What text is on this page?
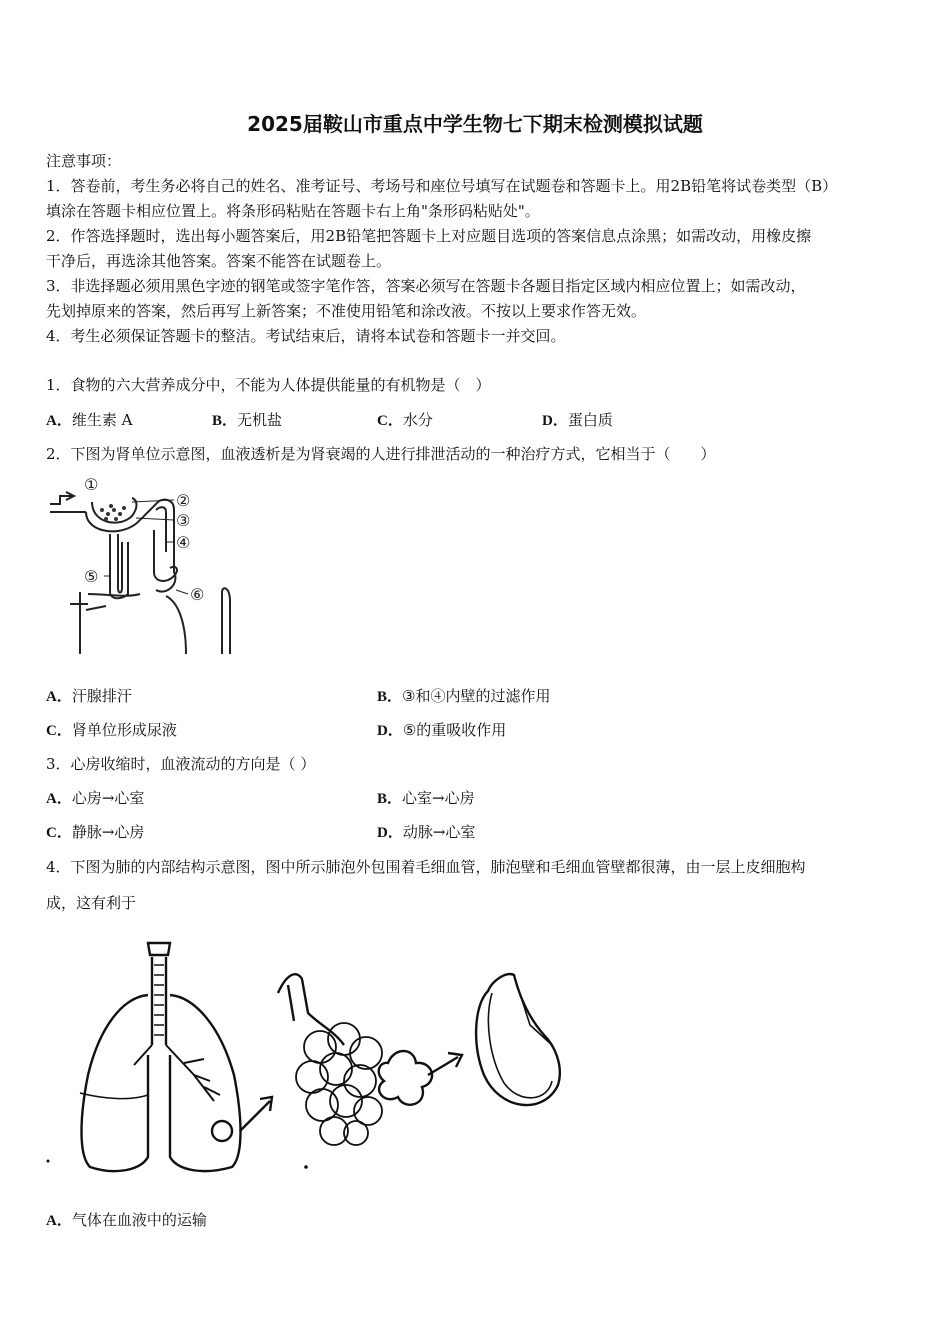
2025届鞍山市重点中学生物七下期末检测模拟试题
注意事项：
1．答卷前，考生务必将自己的姓名、准考证号、考场号和座位号填写在试题卷和答题卡上。用2B铅笔将试卷类型（B）
填涂在答题卡相应位置上。将条形码粘贴在答题卡右上角"条形码粘贴处"。
2．作答选择题时，选出每小题答案后，用2B铅笔把答题卡上对应题目选项的答案信息点涂黑；如需改动，用橡皮擦
干净后，再选涂其他答案。答案不能答在试题卷上。
3．非选择题必须用黑色字迹的钢笔或签字笔作答，答案必须写在答题卡各题目指定区域内相应位置上；如需改动，
先划掉原来的答案，然后再写上新答案；不准使用铅笔和涂改液。不按以上要求作答无效。
4．考生必须保证答题卡的整洁。考试结束后，请将本试卷和答题卡一并交回。
1．食物的六大营养成分中，不能为人体提供能量的有机物是（　）
A．维生素 A	B．无机盐	C．水分	D．蛋白质
2．下图为肾单位示意图，血液透析是为肾衰竭的人进行排泄活动的一种治疗方式，它相当于（　　）
①
②
③
④
⑤
⑥
A．汗腺排汗	B．③和④内壁的过滤作用
C．肾单位形成尿液	D．⑤的重吸收作用
3．心房收缩时，血液流动的方向是（ ）
A．心房→心室	B．心室→心房
C．静脉→心房	D．动脉→心室
4．下图为肺的内部结构示意图，图中所示肺泡外包围着毛细血管，肺泡壁和毛细血管壁都很薄，由一层上皮细胞构
成，这有利于
A．气体在血液中的运输
